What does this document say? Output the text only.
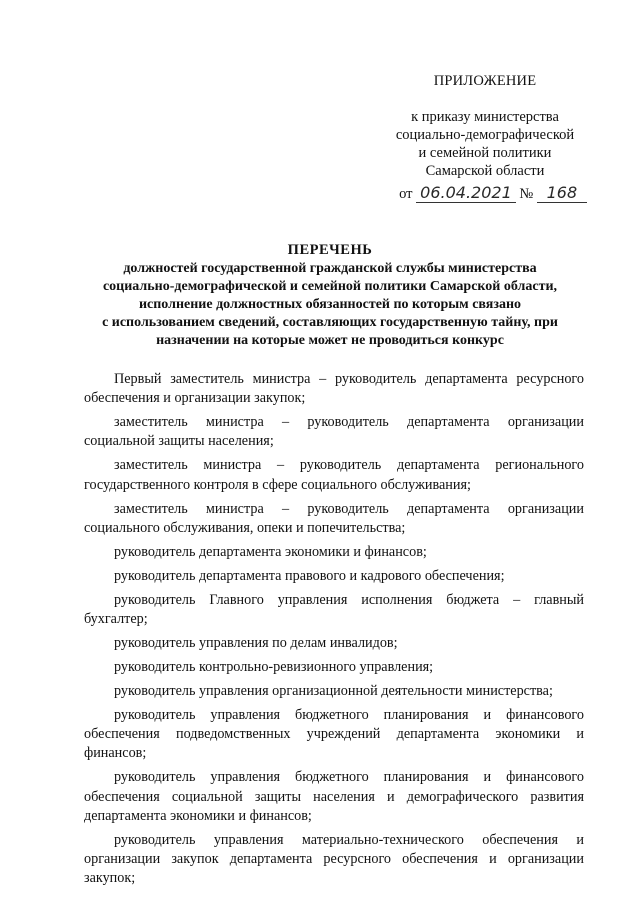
ПРИЛОЖЕНИЕ
к приказу министерства
социально-демографической
и семейной политики
Самарской области
от 06.04.2021 № 168
ПЕРЕЧЕНЬ
должностей государственной гражданской службы министерства
социально-демографической и семейной политики Самарской области,
исполнение должностных обязанностей по которым связано
с использованием сведений, составляющих государственную тайну, при
назначении на которые может не проводиться конкурс
Первый заместитель министра – руководитель департамента ресурсного обеспечения и организации закупок;
заместитель министра – руководитель департамента организации социальной защиты населения;
заместитель министра – руководитель департамента регионального государственного контроля в сфере социального обслуживания;
заместитель министра – руководитель департамента организации социального обслуживания, опеки и попечительства;
руководитель департамента экономики и финансов;
руководитель департамента правового и кадрового обеспечения;
руководитель Главного управления исполнения бюджета – главный бухгалтер;
руководитель управления по делам инвалидов;
руководитель контрольно-ревизионного управления;
руководитель управления организационной деятельности министерства;
руководитель управления бюджетного планирования и финансового обеспечения подведомственных учреждений департамента экономики и финансов;
руководитель управления бюджетного планирования и финансового обеспечения социальной защиты населения и демографического развития департамента экономики и финансов;
руководитель управления материально-технического обеспечения и организации закупок департамента ресурсного обеспечения и организации закупок;
